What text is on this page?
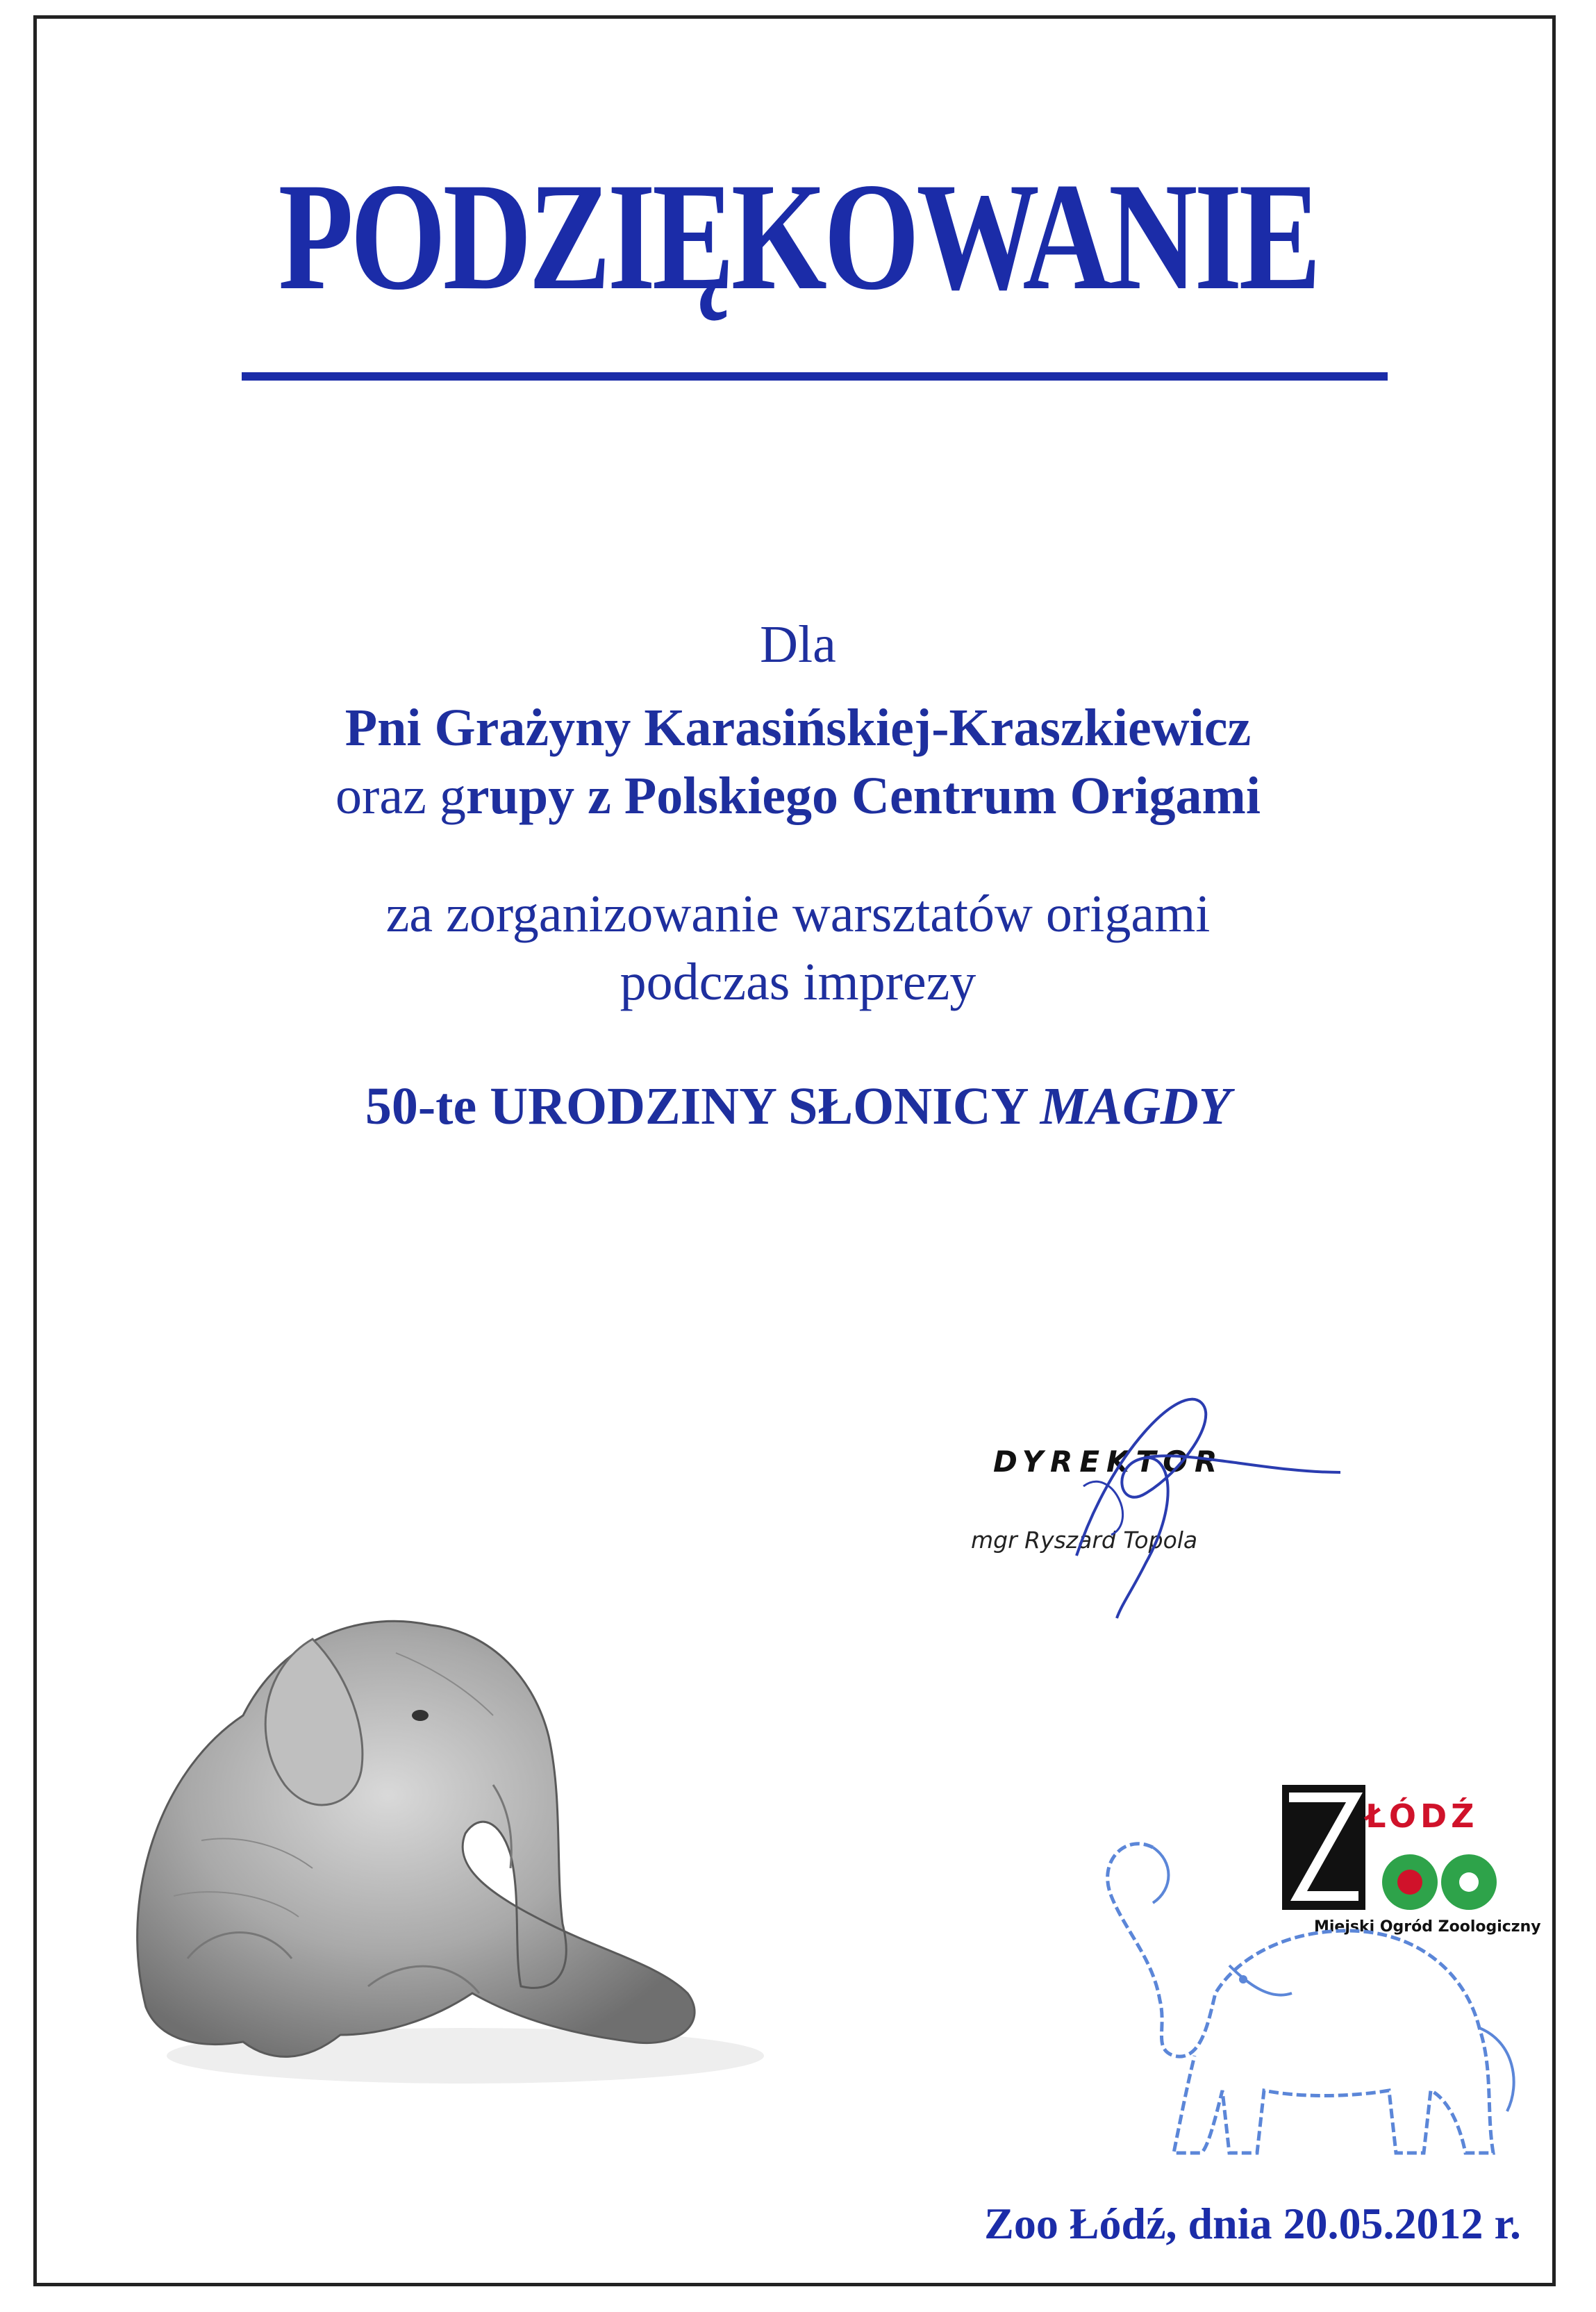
PODZIĘKOWANIE
Dla
Pni Grażyny Karasińskiej-Kraszkiewicz
oraz grupy z Polskiego Centrum Origami
za zorganizowanie warsztatów origami
podczas imprezy
50-te URODZINY SŁONICY MAGDY
DYREKTOR
mgr Ryszard Topola
ŁÓDŹ
Miejski Ogród Zoologiczny
Zoo Łódź, dnia 20.05.2012 r.
